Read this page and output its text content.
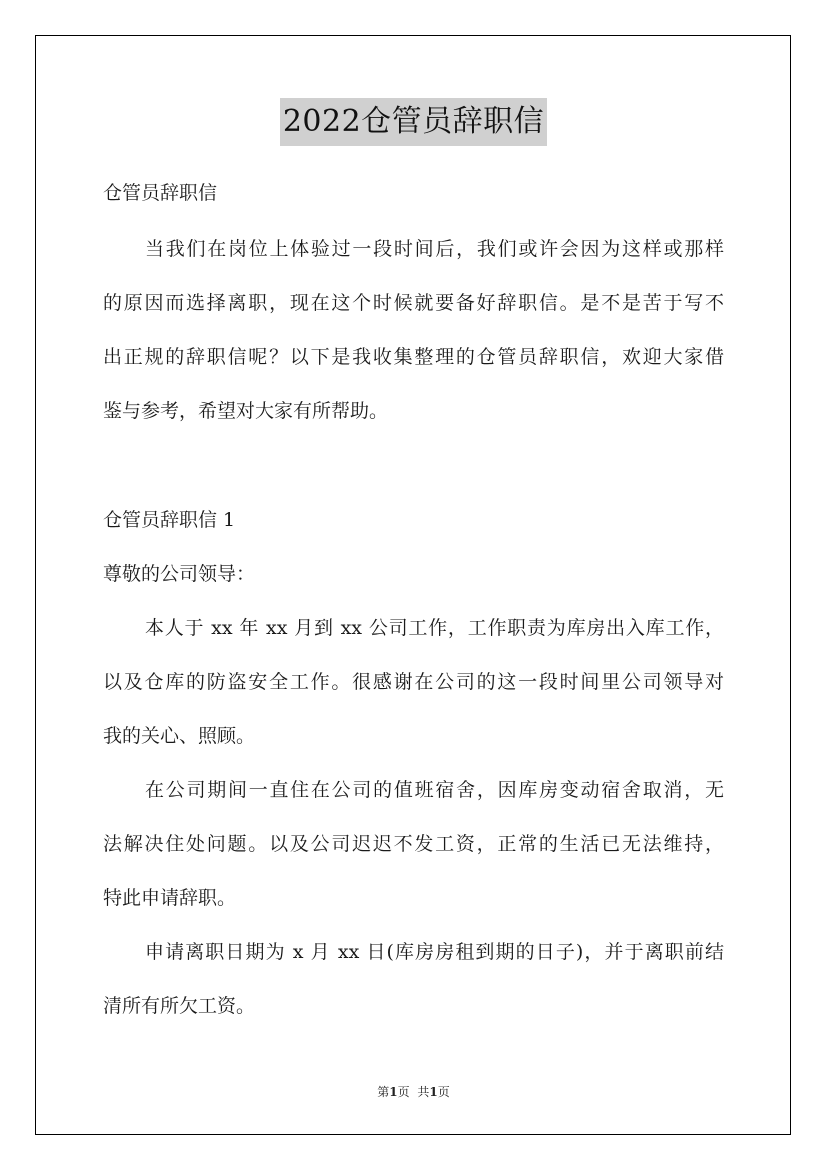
2022仓管员辞职信
仓管员辞职信
当我们在岗位上体验过一段时间后，我们或许会因为这样或那样
的原因而选择离职，现在这个时候就要备好辞职信。是不是苦于写不
出正规的辞职信呢？以下是我收集整理的仓管员辞职信，欢迎大家借
鉴与参考，希望对大家有所帮助。
仓管员辞职信 1
尊敬的公司领导：
本人于 xx 年 xx 月到 xx 公司工作，工作职责为库房出入库工作，
以及仓库的防盗安全工作。很感谢在公司的这一段时间里公司领导对
我的关心、照顾。
在公司期间一直住在公司的值班宿舍，因库房变动宿舍取消，无
法解决住处问题。以及公司迟迟不发工资，正常的生活已无法维持，
特此申请辞职。
申请离职日期为 x 月 xx 日(库房房租到期的日子)，并于离职前结
清所有所欠工资。
第1页 共1页
